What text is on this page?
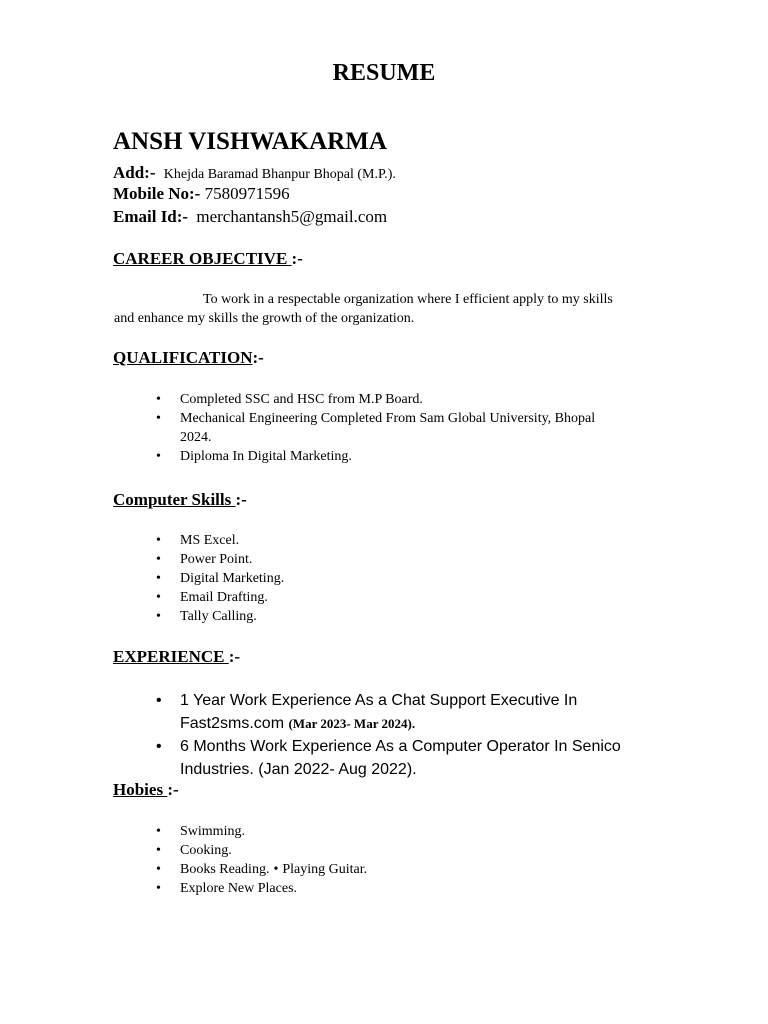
RESUME
ANSH VISHWAKARMA
Add:- Khejda Baramad Bhanpur Bhopal (M.P.).
Mobile No:- 7580971596
Email Id:- merchantansh5@gmail.com
CAREER OBJECTIVE :-
To work in a respectable organization where I efficient apply to my skills
and enhance my skills the growth of the organization.
QUALIFICATION:-
• Completed SSC and HSC from M.P Board.
• Mechanical Engineering Completed From Sam Global University, Bhopal
2024.
• Diploma In Digital Marketing.
Computer Skills :-
• MS Excel.
• Power Point.
• Digital Marketing.
• Email Drafting.
• Tally Calling.
EXPERIENCE :-
• 1 Year Work Experience As a Chat Support Executive In
Fast2sms.com (Mar 2023- Mar 2024).
• 6 Months Work Experience As a Computer Operator In Senico
Industries. (Jan 2022- Aug 2022).
Hobies :-
• Swimming.
• Cooking.
• Books Reading. • Playing Guitar.
• Explore New Places.
